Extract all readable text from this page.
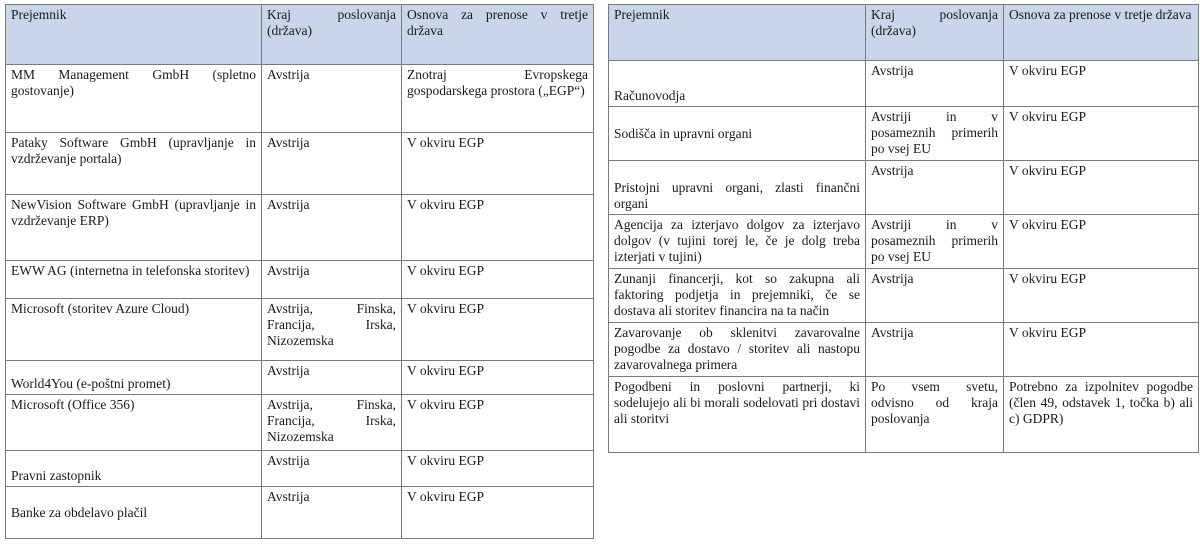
Prejemnik	Kraj poslovanja (država)	Osnova za prenose v tretje država
MM Management GmbH (spletno gostovanje)	Avstrija	Znotraj Evropskega gospodarskega prostora („EGP“)
Pataky Software GmbH (upravljanje in vzdrževanje portala)	Avstrija	V okviru EGP
NewVision Software GmbH (upravljanje in vzdrževanje ERP)	Avstrija	V okviru EGP
EWW AG (internetna in telefonska storitev)	Avstrija	V okviru EGP
Microsoft (storitev Azure Cloud)	Avstrija, Finska, Francija, Irska, Nizozemska	V okviru EGP
World4You (e-poštni promet)	Avstrija	V okviru EGP
Microsoft (Office 356)	Avstrija, Finska, Francija, Irska, Nizozemska	V okviru EGP
Pravni zastopnik	Avstrija	V okviru EGP
Banke za obdelavo plačil	Avstrija	V okviru EGP
Prejemnik	Kraj poslovanja (država)	Osnova za prenose v tretje država
Računovodja	Avstrija	V okviru EGP
Sodišča in upravni organi	Avstriji in v posameznih primerih po vsej EU	V okviru EGP
Pristojni upravni organi, zlasti finančni organi	Avstrija	V okviru EGP
Agencija za izterjavo dolgov za izterjavo dolgov (v tujini torej le, če je dolg treba izterjati v tujini)	Avstriji in v posameznih primerih po vsej EU	V okviru EGP
Zunanji financerji, kot so zakupna ali faktoring podjetja in prejemniki, če se dostava ali storitev financira na ta način	Avstrija	V okviru EGP
Zavarovanje ob sklenitvi zavarovalne pogodbe za dostavo / storitev ali nastopu zavarovalnega primera	Avstrija	V okviru EGP
Pogodbeni in poslovni partnerji, ki sodelujejo ali bi morali sodelovati pri dostavi ali storitvi	Po vsem svetu, odvisno od kraja poslovanja	Potrebno za izpolnitev pogodbe (člen 49, odstavek 1, točka b) ali c) GDPR)
